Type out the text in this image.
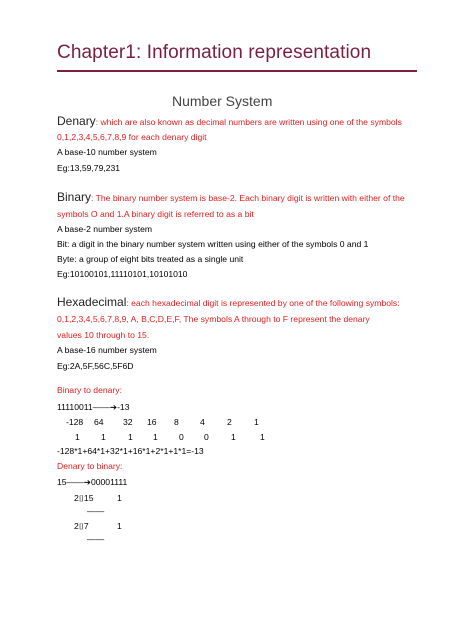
Chapter1: Information representation
Number System
Denary: which are also known as decimal numbers are written using one of the symbols
0,1,2,3,4,5,6,7,8,9 for each denary digit
A base-10 number system
Eg:13,59,79,231
Binary: The binary number system is base-2. Each binary digit is written with either of the
symbols O and 1.A binary digit is referred to as a bit
A base-2 number system
Bit: a digit in the binary number system written using either of the symbols 0 and 1
Byte: a group of eight bits treated as a single unit
Eg:10100101,11110101,10101010
Hexadecimal: each hexadecimal digit is represented by one of the following symbols:
0,1,2,3,4,5,6,7,8,9, A, B,C,D,E,F, The symbols A through to F represent the denary
values 10 through to 15.
A base-16 number system
Eg:2A,5F,56C,5F6D
Binary to denary:
11110011——➔-13
-128 64 32 16 8 4	2	1
1 1	1 1 0 0	1	1
-128*1+64*1+32*1+16*1+2*1+1*1=-13
Denary to binary:
15——➔00001111
2⌷15	1
——
2⌷7	1
——
